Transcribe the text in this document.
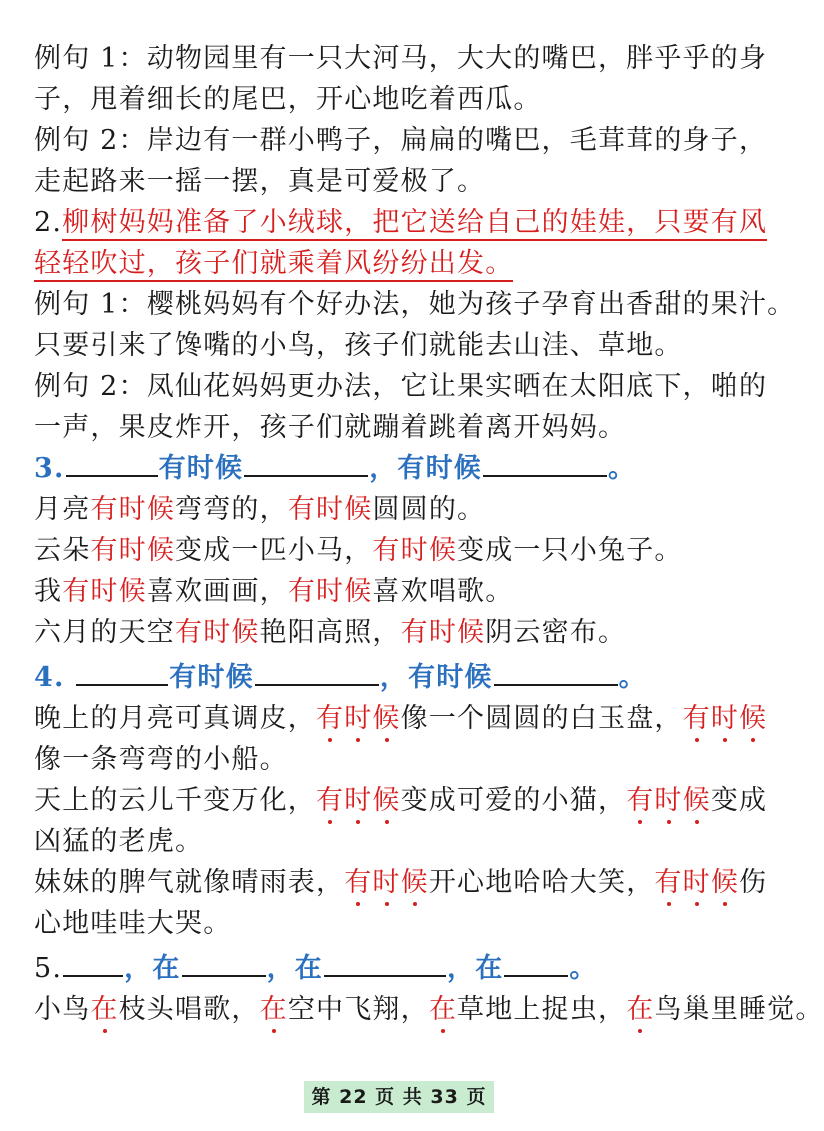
例句 1：动物园里有一只大河马，大大的嘴巴，胖乎乎的身
子，甩着细长的尾巴，开心地吃着西瓜。
例句 2：岸边有一群小鸭子，扁扁的嘴巴，毛茸茸的身子，
走起路来一摇一摆，真是可爱极了。
2.柳树妈妈准备了小绒球，把它送给自己的娃娃，只要有风
轻轻吹过，孩子们就乘着风纷纷出发。
例句 1：樱桃妈妈有个好办法，她为孩子孕育出香甜的果汁。
只要引来了馋嘴的小鸟，孩子们就能去山洼、草地。
例句 2：凤仙花妈妈更办法，它让果实晒在太阳底下，啪的
一声，果皮炸开，孩子们就蹦着跳着离开妈妈。
3.	有时候	，有时候	。
月亮有时候弯弯的，有时候圆圆的。
云朵有时候变成一匹小马，有时候变成一只小兔子。
我有时候喜欢画画，有时候喜欢唱歌。
六月的天空有时候艳阳高照，有时候阴云密布。
4.	有时候	，有时候	。
晚上的月亮可真调皮，有时候像一个圆圆的白玉盘，有时候
像一条弯弯的小船。
天上的云儿千变万化，有时候变成可爱的小猫，有时候变成
凶猛的老虎。
妹妹的脾气就像晴雨表，有时候开心地哈哈大笑，有时候伤
心地哇哇大哭。
5. ，在	，在	，在 。
小鸟在枝头唱歌，在空中飞翔，在草地上捉虫，在鸟巢里睡觉。
第 22 页 共 33 页
